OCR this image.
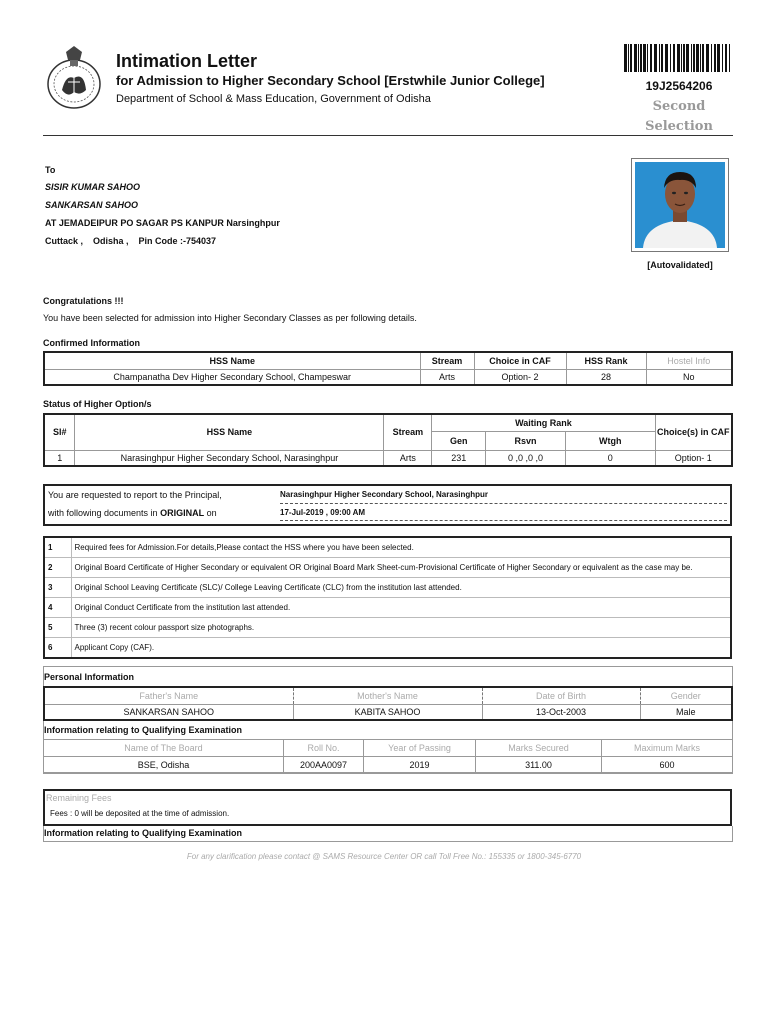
Intimation Letter
for Admission to Higher Secondary School [Erstwhile Junior College]
Department of School & Mass Education, Government of Odisha
19J2564206
Second
Selection
To
SISIR KUMAR SAHOO
SANKARSAN SAHOO
AT JEMADEIPUR PO SAGAR PS KANPUR Narsinghpur
Cuttack ,    Odisha ,    Pin Code :-754037
[Autovalidated]
Congratulations !!!
You have been selected for admission into Higher Secondary Classes as per following details.
Confirmed Information
HSS Name	Stream	Choice in CAF	HSS Rank	Hostel Info
Champanatha Dev Higher Secondary School, Champeswar	Arts	Option- 2	28	No
Status of Higher Option/s
Sl#	HSS Name	Stream	Waiting Rank			Choice(s) in CAF
			Gen	Rsvn	Wtgh	
1	Narasinghpur Higher Secondary School, Narasinghpur	Arts	231	0 ,0 ,0 ,0	0	Option- 1
You are requested to report to the Principal,
with following documents in ORIGINAL on
Narasinghpur Higher Secondary School, Narasinghpur
17-Jul-2019 , 09:00 AM
1	Required fees for Admission.For details,Please contact the HSS where you have been selected.
2	Original Board Certificate of Higher Secondary or equivalent OR Original Board Mark Sheet-cum-Provisional Certificate of Higher Secondary or equivalent as the case may be.
3	Original School Leaving Certificate (SLC)/ College Leaving Certificate (CLC) from the institution last attended.
4	Original Conduct Certificate from the institution last attended.
5	Three (3) recent colour passport size photographs.
6	Applicant Copy (CAF).
Personal Information
Father's Name	Mother's Name	Date of Birth	Gender
SANKARSAN SAHOO	KABITA SAHOO	13-Oct-2003	Male
Information relating to Qualifying Examination
Name of The Board	Roll No.	Year of Passing	Marks Secured	Maximum Marks
BSE, Odisha	200AA0097	2019	311.00	600
Remaining Fees
Fees : 0 will be deposited at the time of admission.
Information relating to Qualifying Examination
For any clarification please contact @ SAMS Resource Center OR call Toll Free No.: 155335 or 1800-345-6770
